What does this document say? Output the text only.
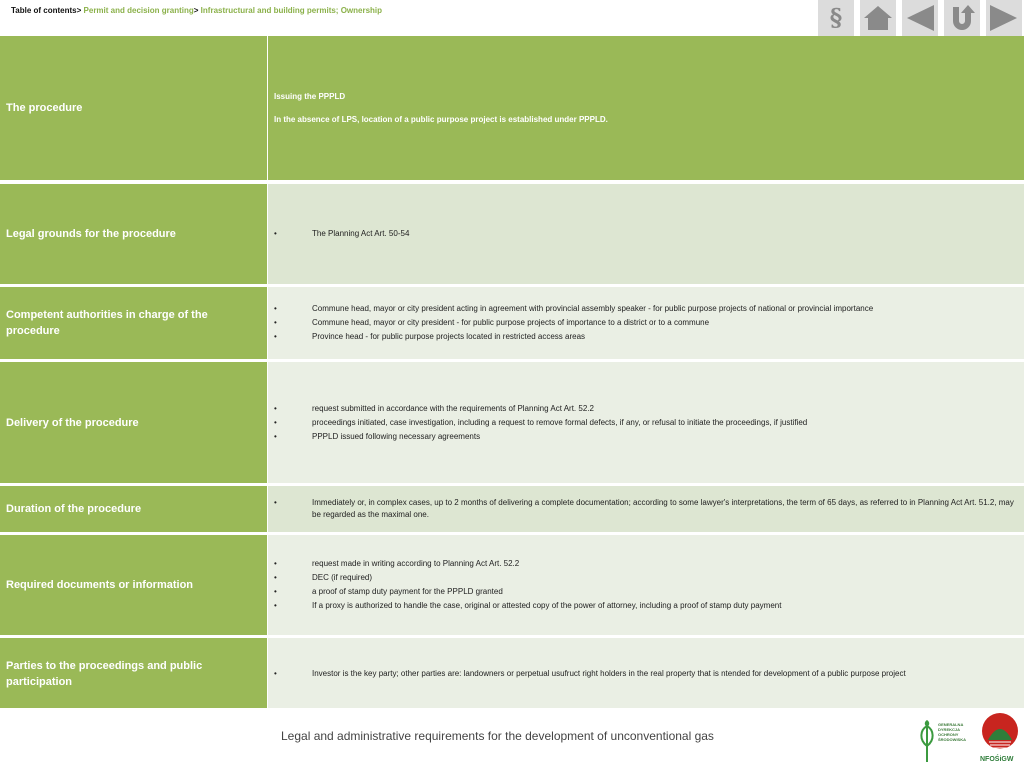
Table of contents> Permit and decision granting> Infrastructural and building permits; Ownership	§
The procedure
Issuing the PPPLD
In the absence of LPS, location of a public purpose project is established under PPPLD.
Legal grounds for the procedure
•	The Planning Act Art. 50-54
Competent authorities in charge of the procedure
• Commune head, mayor or city president acting in agreement with provincial assembly speaker - for public purpose projects of national or provincial importance
• Commune head, mayor or city president - for public purpose projects of importance to a district or to a commune
• Province head - for public purpose projects located in restricted access areas
Delivery of the procedure
• request submitted in accordance with the requirements of Planning Act Art. 52.2
• proceedings initiated, case investigation, including a request to remove formal defects, if any, or refusal to initiate the proceedings, if justified
• PPPLD issued following necessary agreements
Duration of the procedure
• Immediately or, in complex cases, up to 2 months of delivering a complete documentation; according to some lawyer's interpretations, the term of 65 days, as referred to in Planning Act Art. 51.2, may be regarded as the maximal one.
Required documents or information
• request made in writing according to Planning Act Art. 52.2
• DEC (if required)
• a proof of stamp duty payment for the PPPLD granted
• If a proxy is authorized to handle the case, original or attested copy of the power of attorney, including a proof of stamp duty payment
Parties to the proceedings and public participation
• Investor is the key party; other parties are: landowners or perpetual usufruct right holders in the real property that is ntended for development of a public purpose project
Legal and administrative requirements for the development of unconventional gas
GENERALNA
DYREKCJA
OCHRONY
ŚRODOWISKA
NFOŚiGW
